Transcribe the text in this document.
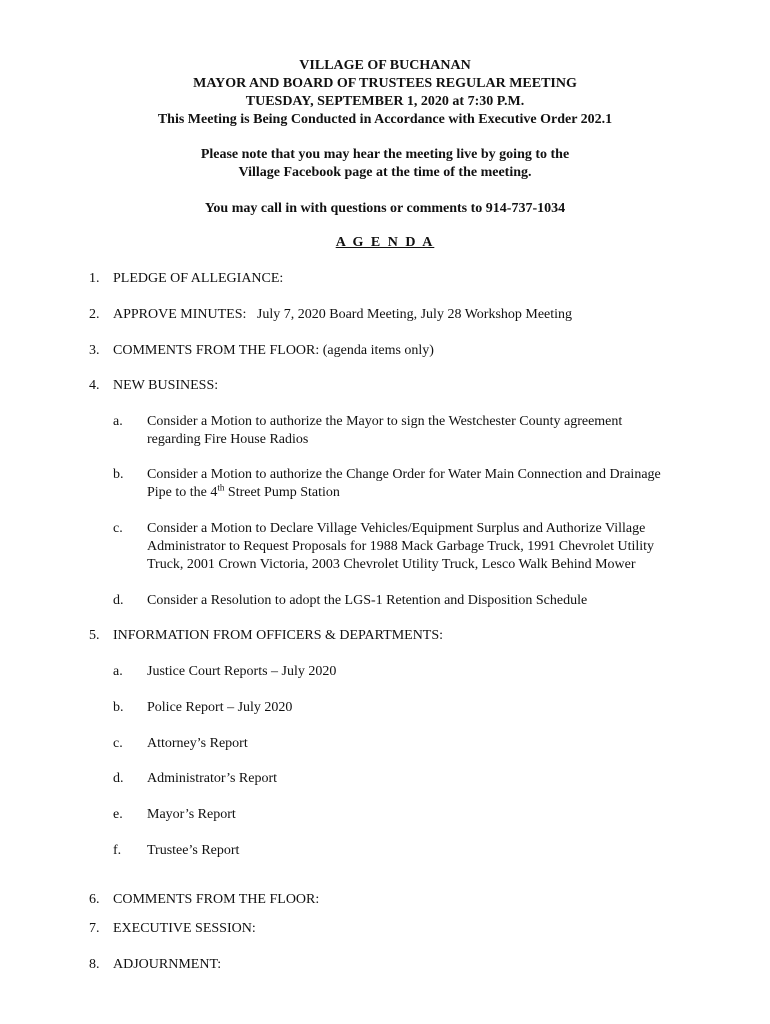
VILLAGE OF BUCHANAN
MAYOR AND BOARD OF TRUSTEES REGULAR MEETING
TUESDAY, SEPTEMBER 1, 2020 at 7:30 P.M.
This Meeting is Being Conducted in Accordance with Executive Order 202.1
Please note that you may hear the meeting live by going to the
Village Facebook page at the time of the meeting.
You may call in with questions or comments to 914-737-1034
A G E N D A
1. PLEDGE OF ALLEGIANCE:
2. APPROVE MINUTES:   July 7, 2020 Board Meeting, July 28 Workshop Meeting
3. COMMENTS FROM THE FLOOR: (agenda items only)
4. NEW BUSINESS:
a. Consider a Motion to authorize the Mayor to sign the Westchester County agreement
regarding Fire House Radios
b. Consider a Motion to authorize the Change Order for Water Main Connection and Drainage
Pipe to the 4th Street Pump Station
c. Consider a Motion to Declare Village Vehicles/Equipment Surplus and Authorize Village
Administrator to Request Proposals for 1988 Mack Garbage Truck, 1991 Chevrolet Utility
Truck, 2001 Crown Victoria, 2003 Chevrolet Utility Truck, Lesco Walk Behind Mower
d. Consider a Resolution to adopt the LGS-1 Retention and Disposition Schedule
5. INFORMATION FROM OFFICERS & DEPARTMENTS:
a. Justice Court Reports – July 2020
b. Police Report – July 2020
c. Attorney’s Report
d. Administrator’s Report
e. Mayor’s Report
f. Trustee’s Report
6. COMMENTS FROM THE FLOOR:
7. EXECUTIVE SESSION:
8. ADJOURNMENT:
